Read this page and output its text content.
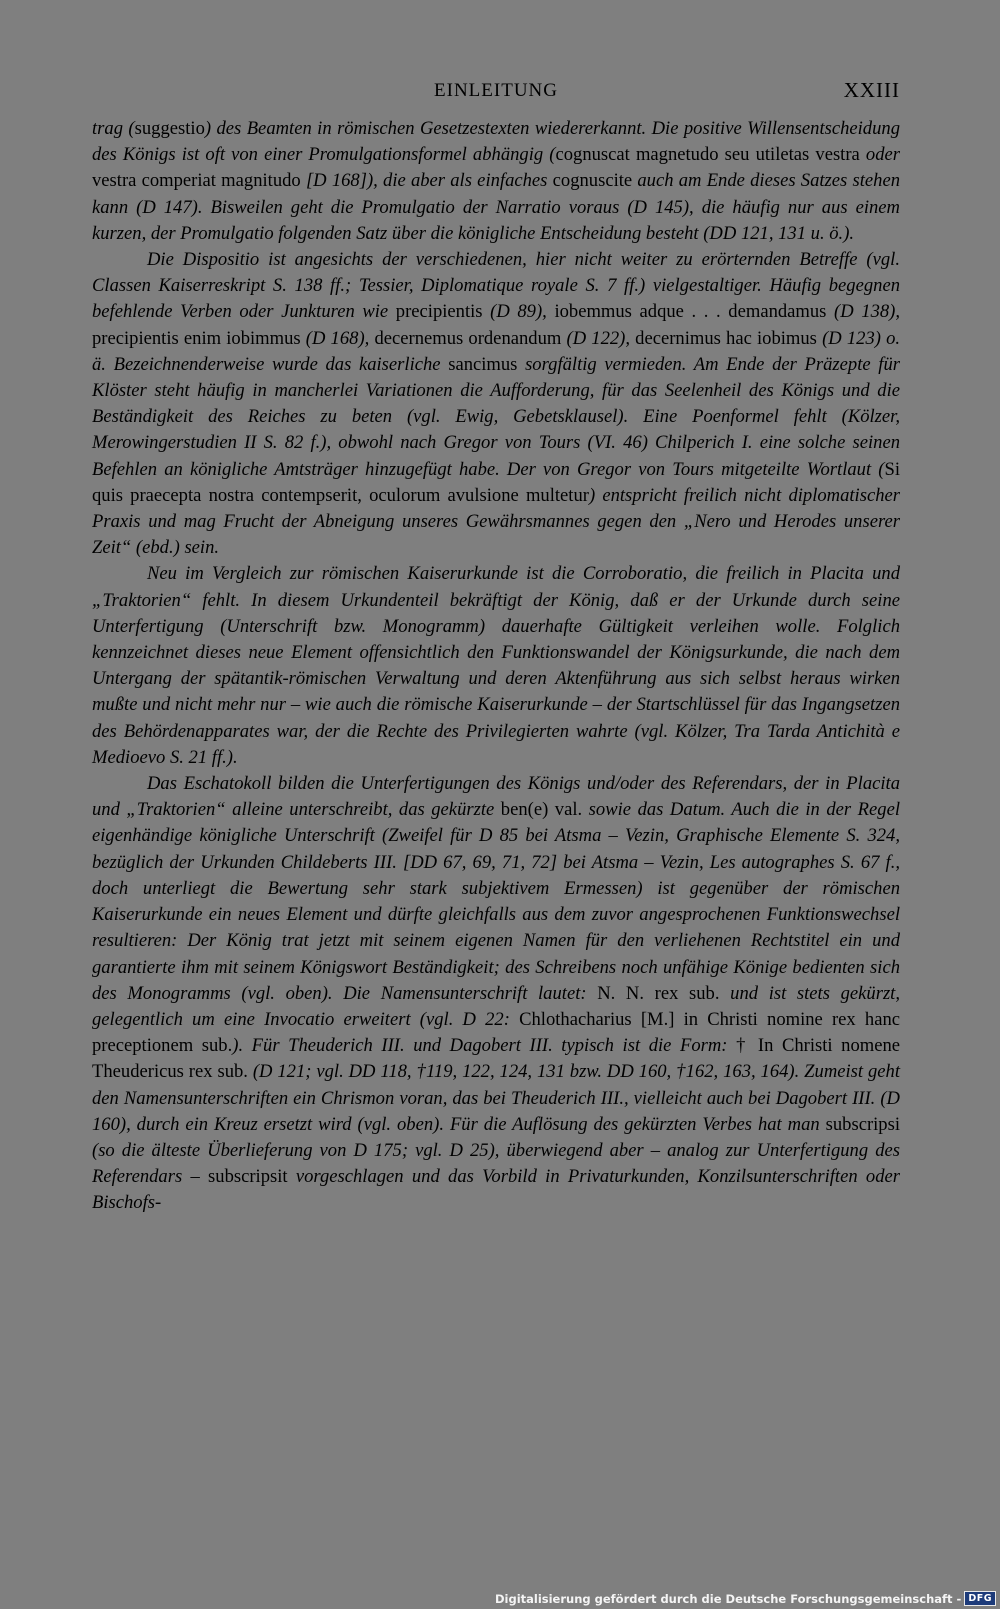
EINLEITUNG	XXIII

trag (suggestio) des Beamten in römischen Gesetzestexten wiedererkannt. Die positive Willensentscheidung des Königs ist oft von einer Promulgationsformel abhängig (cognuscat magnetudo seu utiletas vestra oder vestra comperiat magnitudo [D 168]), die aber als einfaches cognuscite auch am Ende dieses Satzes stehen kann (D 147). Bisweilen geht die Promulgatio der Narratio voraus (D 145), die häufig nur aus einem kurzen, der Promulgatio folgenden Satz über die königliche Entscheidung besteht (DD 121, 131 u. ö.).

Die Dispositio ist angesichts der verschiedenen, hier nicht weiter zu erörternden Betreffe (vgl. Classen Kaiserreskript S. 138 ff.; Tessier, Diplomatique royale S. 7 ff.) vielgestaltiger. Häufig begegnen befehlende Verben oder Junkturen wie precipientis (D 89), iobemmus adque . . . demandamus (D 138), precipientis enim iobimmus (D 168), decernemus ordenandum (D 122), decernimus hac iobimus (D 123) o. ä. Bezeichnenderweise wurde das kaiserliche sancimus sorgfältig vermieden. Am Ende der Präzepte für Klöster steht häufig in mancherlei Variationen die Aufforderung, für das Seelenheil des Königs und die Beständigkeit des Reiches zu beten (vgl. Ewig, Gebetsklausel). Eine Poenformel fehlt (Kölzer, Merowingerstudien II S. 82 f.), obwohl nach Gregor von Tours (VI. 46) Chilperich I. eine solche seinen Befehlen an königliche Amtsträger hinzugefügt habe. Der von Gregor von Tours mitgeteilte Wortlaut (Si quis praecepta nostra contempserit, oculorum avulsione multetur) entspricht freilich nicht diplomatischer Praxis und mag Frucht der Abneigung unseres Gewährsmannes gegen den „Nero und Herodes unserer Zeit“ (ebd.) sein.

Neu im Vergleich zur römischen Kaiserurkunde ist die Corroboratio, die freilich in Placita und „Traktorien“ fehlt. In diesem Urkundenteil bekräftigt der König, daß er der Urkunde durch seine Unterfertigung (Unterschrift bzw. Monogramm) dauerhafte Gültigkeit verleihen wolle. Folglich kennzeichnet dieses neue Element offensichtlich den Funktionswandel der Königsurkunde, die nach dem Untergang der spätantik-römischen Verwaltung und deren Aktenführung aus sich selbst heraus wirken mußte und nicht mehr nur – wie auch die römische Kaiserurkunde – der Startschlüssel für das Ingangsetzen des Behördenapparates war, der die Rechte des Privilegierten wahrte (vgl. Kölzer, Tra Tarda Antichità e Medioevo S. 21 ff.).

Das Eschatokoll bilden die Unterfertigungen des Königs und/oder des Referendars, der in Placita und „Traktorien“ alleine unterschreibt, das gekürzte ben(e) val. sowie das Datum. Auch die in der Regel eigenhändige königliche Unterschrift (Zweifel für D 85 bei Atsma – Vezin, Graphische Elemente S. 324, bezüglich der Urkunden Childeberts III. [DD 67, 69, 71, 72] bei Atsma – Vezin, Les autographes S. 67 f., doch unterliegt die Bewertung sehr stark subjektivem Ermessen) ist gegenüber der römischen Kaiserurkunde ein neues Element und dürfte gleichfalls aus dem zuvor angesprochenen Funktionswechsel resultieren: Der König trat jetzt mit seinem eigenen Namen für den verliehenen Rechtstitel ein und garantierte ihm mit seinem Königswort Beständigkeit; des Schreibens noch unfähige Könige bedienten sich des Monogramms (vgl. oben). Die Namensunterschrift lautet: N. N. rex sub. und ist stets gekürzt, gelegentlich um eine Invocatio erweitert (vgl. D 22: Chlothacharius [M.] in Christi nomine rex hanc preceptionem sub.). Für Theuderich III. und Dagobert III. typisch ist die Form: † In Christi nomene Theudericus rex sub. (D 121; vgl. DD 118, †119, 122, 124, 131 bzw. DD 160, †162, 163, 164). Zumeist geht den Namensunterschriften ein Chrismon voran, das bei Theuderich III., vielleicht auch bei Dagobert III. (D 160), durch ein Kreuz ersetzt wird (vgl. oben). Für die Auflösung des gekürzten Verbes hat man subscripsi (so die älteste Überlieferung von D 175; vgl. D 25), überwiegend aber – analog zur Unterfertigung des Referendars – subscripsit vorgeschlagen und das Vorbild in Privaturkunden, Konzilsunterschriften oder Bischofs-

Digitalisierung gefördert durch die Deutsche Forschungsgemeinschaft - DFG
